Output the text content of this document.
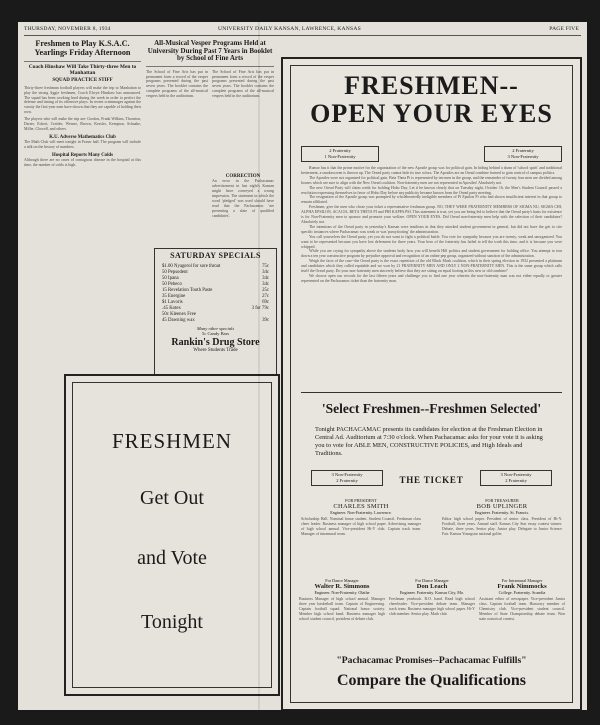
THURSDAY, NOVEMBER 8, 1934	UNIVERSITY DAILY KANSAN, LAWRENCE, KANSAS	PAGE FIVE
Freshmen to Play K.S.A.C. Yearlings Friday Afternoon
Coach Hinshaw Will Take Thirty-three Men to Manhattan
SQUAD PRACTICE STIFF
Thirty-three freshman football players will make the trip to Manhattan to play the strong Aggie freshmen, Coach Elwyn Hinshaw has announced. The squad has been working hard during the week in order to perfect the defense and timing of its offensive plays. In recent scrimmages against the varsity the first-year men have shown that they are capable of holding their own.
The players who will make the trip are: Gordon, Frank Wilkins, Thornton, Darter, Eckert, Creider, Werner, Brown, Kessler, Kempton, Schaake, Miller, Clowell, and others.
K.U. Adverse Mathematics Club
The Math Club will meet tonight in Fraser hall. The program will include a talk on the history of numbers.
Hospital Reports Many Colds
Although there are no cases of contagious disease in the hospital at this time, the number of colds is high.
All-Musical Vesper Programs Held at University During Past 7 Years in Booklet by School of Fine Arts
The School of Fine Arts has put in permanent form a record of the vesper programs presented during the past seven years. The booklet contains the complete programs of the all-musical vespers held in the auditorium.
The School of Fine Arts has put in permanent form a record of the vesper programs presented during the past seven years. The booklet contains the complete programs of the all-musical vespers held in the auditorium.
CORRECTION
An error in the Pachacamac advertisement in last night's Kansan might have conveyed a wrong impression. The statement in which the word 'pledged' was used should have read that the Pachacamac 'are presenting a slate of qualified candidates'.
SATURDAY SPECIALS
$1.00 Nyagerol for sore throat	75c
50 Pepsodent	34c
50 Ipana	34c
50 Pebeco	34c
15 Revelation Tooth Paste	25c
35 Energine	27c
$1 Lavoris	69c
.45 Kotex	3 for 79c
50c Kleenex Free
45 Dawning wax	39c
Many other specials
5c Candy Bars
Rankin's Drug Store
Where Students Trade
FRESHMEN
Get Out
and Vote
Tonight
FRESHMEN--
OPEN YOUR EYES
2 Fraternity
1 Non-Fraternity
2 Fraternity
3 Non-Fraternity
Rumor has it that the prime motive for the organization of the new Apostle group was for political gain. In hiding behind a sham of 'school spirit' and traditional betterment, a smokescreen is thrown up. The Oread party cannot hide its true colors. The Apostles are an Oread combine formed to gain control of campus politics.
The Apostles were not organized for political gain. Beta Theta Pi is represented by ten men in the group, and the remainder of twenty four men are divided among houses which are sure to align with the New Oread coalition. Non-fraternity men are not represented in Apostles! Absolutely not.
The new Oread Party will claim credit for holding Hobo Day. Let it be known clearly that on Tuesday night, October 16, the Men's Student Council passed a resolution expressing themselves in favor of Hobo Day before any publicity became known from the Oread party meeting.
The resignation of the Apostle group was prompted by wholeheartedly ineligible members of Pi Epsilon Pi who had shown insufficient interest in that group to remain affiliated.
Freshmen, give the men who chose your ticket a representative freshman group. NO, THEY WERE FRATERNITY MEMBERS OF SIGMA NU, SIGMA CHI, ALPHA EPSILON, ACACIA, BETA THETA PI and PHI KAPPA PSI. This statement is true, yet you are being led to believe that the Oread party's basis for existence is for Non-Fraternity men to sponsor and promote your welfare. OPEN YOUR EYES. Did Oread non-fraternity men help with the selection of their candidates? Absolutely not.
The intentions of the Oread party in yesterday's Kansan were insidious in that they attacked student government in general, but did not have the grit to cite specific instances where Pachacamac was weak or was 'pussyfooting' the administration.
You call yourselves the Oread party, yet you do not want to fight a political battle. You vote for sympathy because you are twenty, weak and unorganized. You want to be represented because you have lost deferment for three years. Your hero of the fraternity has failed to tell the truth this time, and it is because you were whipped.
While you are crying for sympathy above the students body how you will benefit Hill politics and student government for holding office. You attempt to tear down a ten year constructive program by prejudice approval and recognition of an online pep group, organized without sanction of the administration.
Weigh the facts of the case--the Oread party is the exact repetition of the old Black Mask coalition, which in their spring election in 1932 presented a platinum and candidates which they called equitable and we won by 21 FRATERNITY MEN AND ONLY 2 NON-FRATERNITY MEN. This is the same group which calls itself the Oread party. Do your non-fraternity men sincerely believe that they are sitting on equal footing in this new or old combine?
We choose open our records for the last fifteen years and challenge you to find one year wherein the non-fraternity man was not either equally or greater represented on the Pachacamac ticket than the fraternity man.
'Select Freshmen--Freshmen Selected'
Tonight PACHACAMAC presents its candidates for election at the Freshman Election in Central Ad. Auditorium at 7:30 o'clock. When Pachacamac asks for your vote it is asking you to vote for ABLE MEN, CONSTRUCTIVE POLICIES, and High Ideals and Traditions.
3 Non-Fraternity
2 Fraternity	THE TICKET
3 Non-Fraternity
2 Fraternity
FOR PRESIDENT
CHARLES SMITH
Engineer. Non-Fraternity. Lawrence.
Scholarship Hall. Nominal honor student. Student Council. Freshman class cheer leader. Business manager of high school paper. Advertising manager of high school annual. Vice-president Hi-Y club. Captain track team. Manager of intramural team.
FOR TREASURER
BOB UPLINGER
Engineer. Fraternity. St. Francis.
Editor high school paper. President of senior class. President of Hi-Y. Football, three years. Annual staff. Kansas City Star essay contest winner. Debate, three years. Senior play. Junior play. Delegate to Junior Science Fair. Kansas Youngstar national golfer.
For Dance Manager
Walter R. Simmons
Engineer. Non-Fraternity. Olathe
Business Manager of high school annual. Manager three year basketball team. Captain of Engineering. Captain football squad. National honor society. Member high school band. Business manager high school student council, president of debate club.
For Dance Manager
Don Leach
Engineer. Fraternity. Kansas City, Mo.
Freshman yearbook. R.O. band. Read high school cheerleader. Vice-president debate team. Manager track team. Business manager high school paper. Hi-Y club member. Senior play. Math club.
For Intramural Manager
Frank Nimmocks
College. Fraternity. Scandia
Assistant editor of newspaper. Vice-president Junior class. Captain football team. Honorary member of Chemistry club. Vice-president student council. Member of State Championship debate team. Won state oratorical contest.
"Pachacamac Promises--Pachacamac Fulfills"
Compare the Qualifications
